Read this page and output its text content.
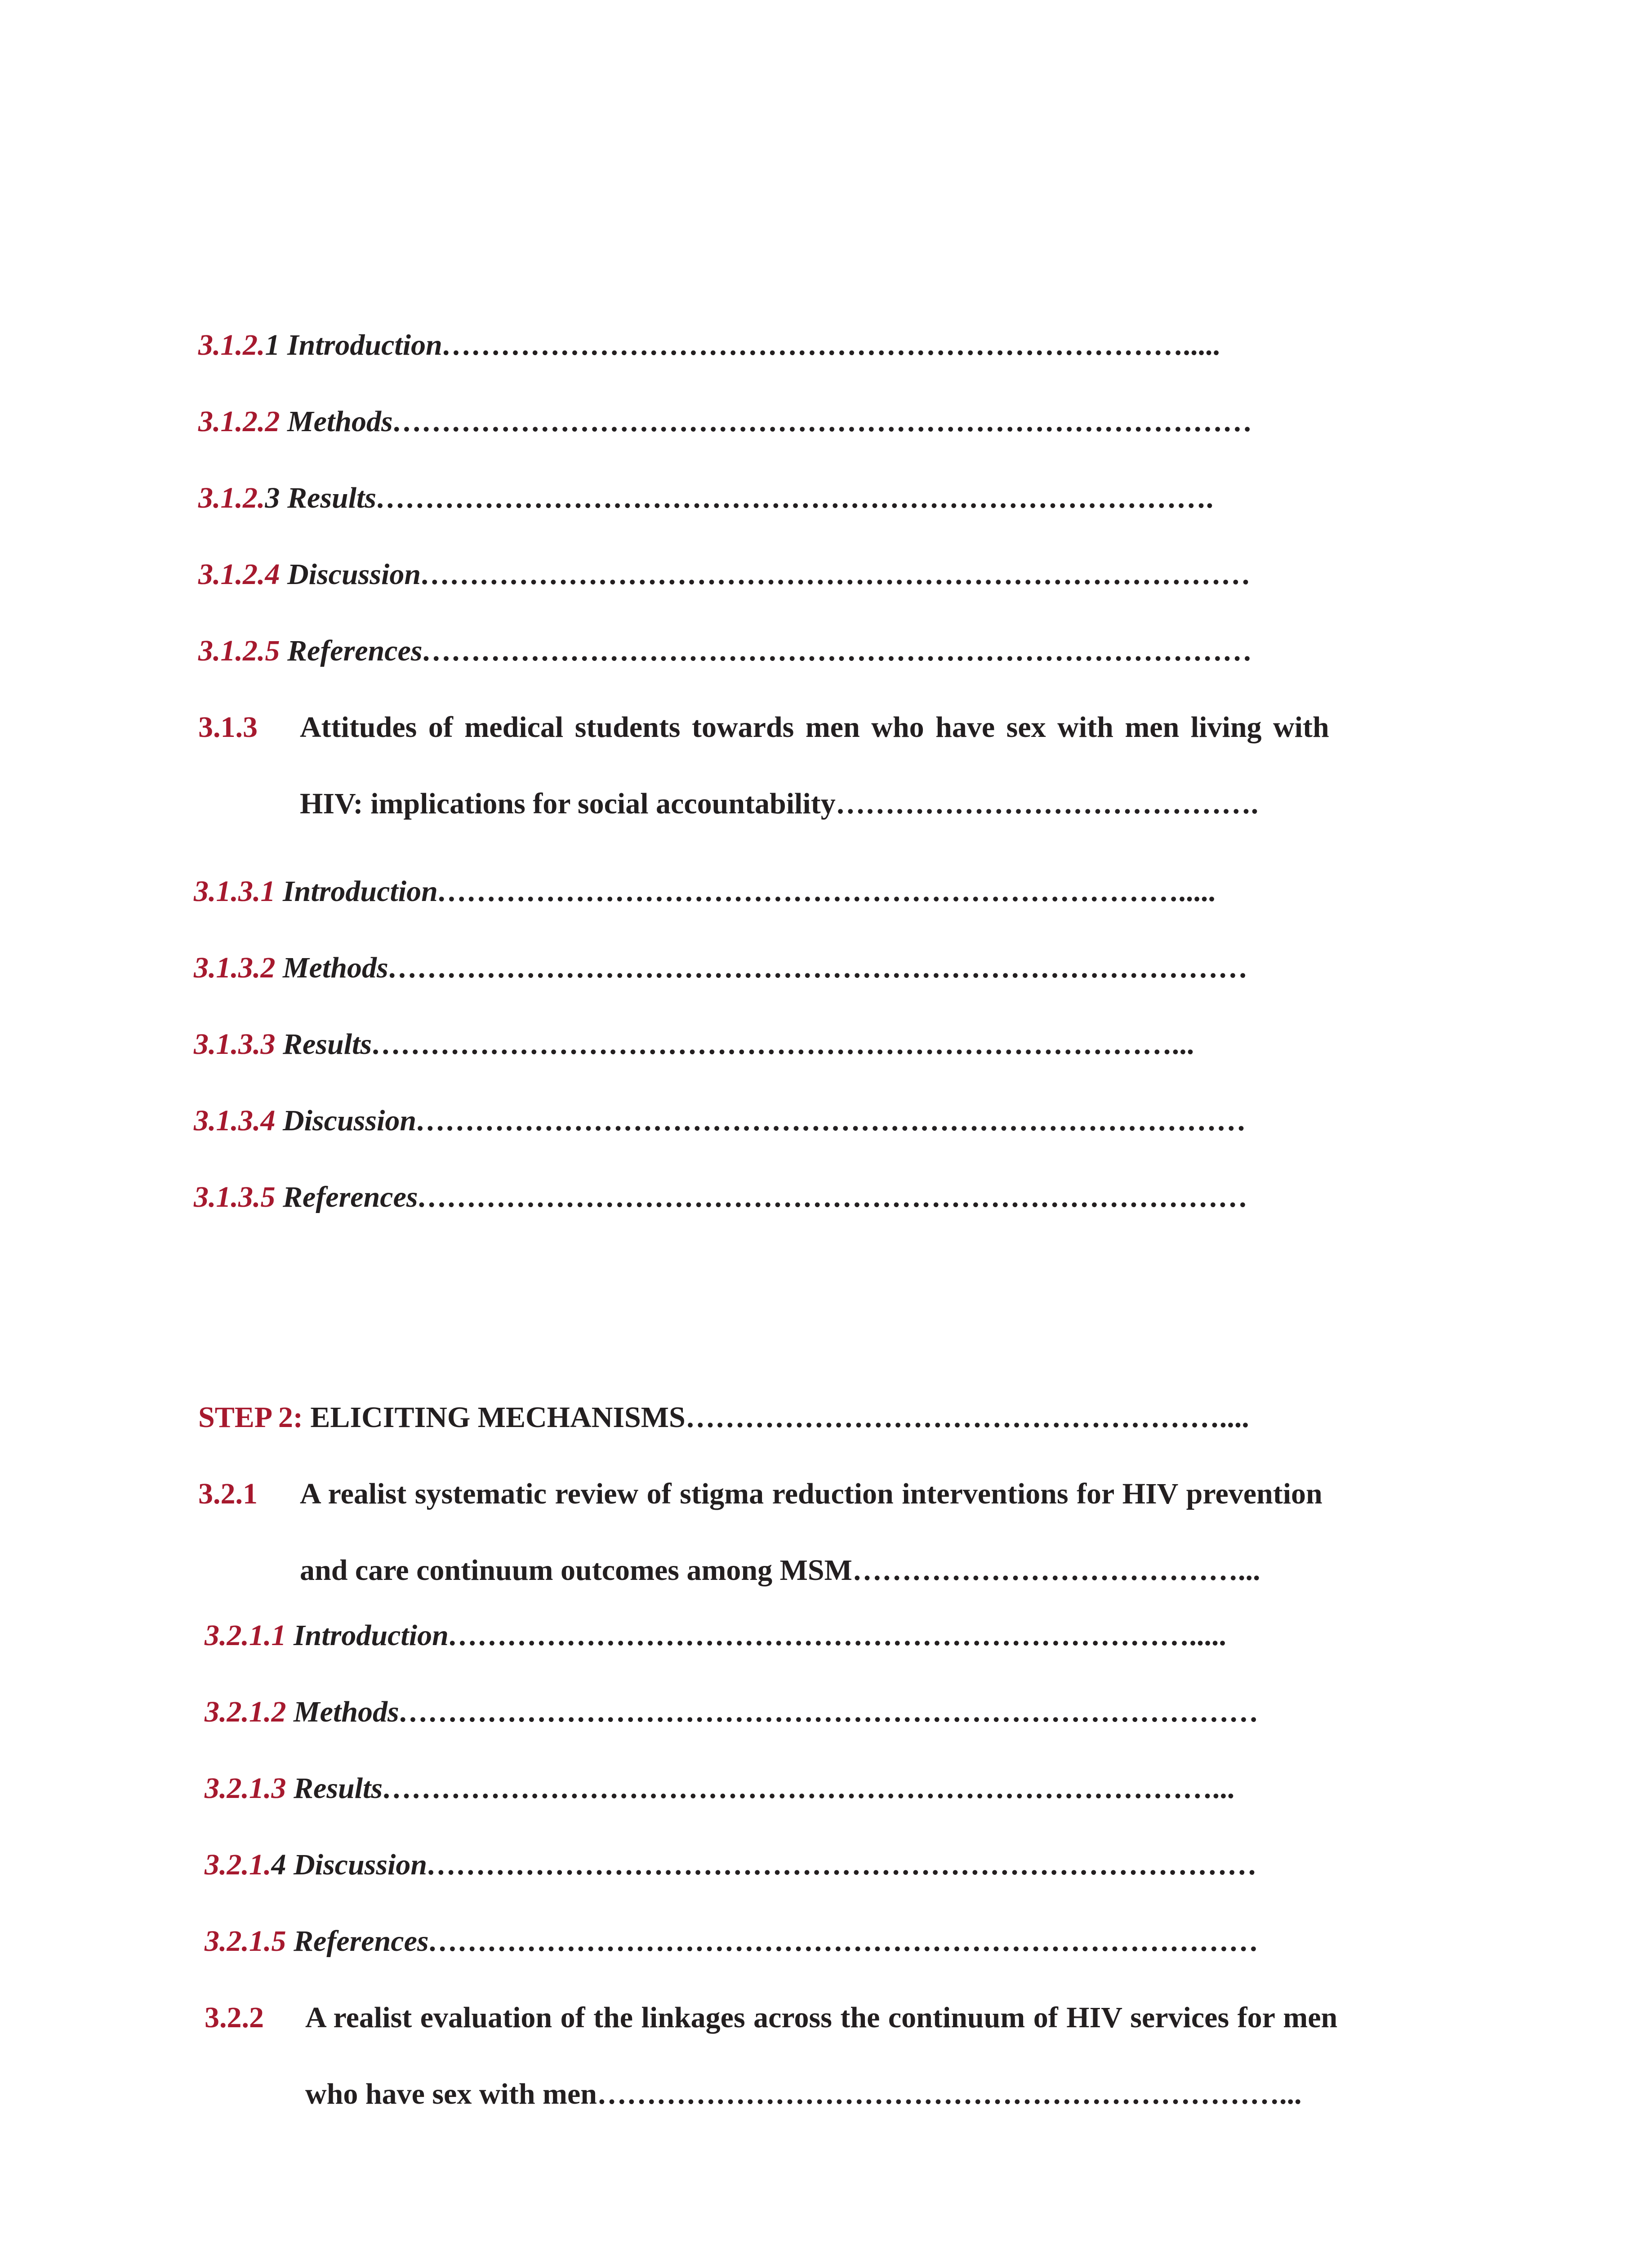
3.1.2.1 Introduction………………………………………………………………….....
3.1.2.2 Methods……………………………………………………………………………
3.1.2.3 Results………………………………………………………………………….
3.1.2.4 Discussion…………………………………………………………………………
3.1.2.5 References…………………………………………………………………………
3.1.3 Attitudes of medical students towards men who have sex with men living with
HIV: implications for social accountability…………………………………….
3.1.3.1 Introduction………………………………………………………………….....
3.1.3.2 Methods……………………………………………………………………………
3.1.3.3 Results………………………………………………………………………...
3.1.3.4 Discussion…………………………………………………………………………
3.1.3.5 References…………………………………………………………………………
STEP 2: ELICITING MECHANISMS………………………………………………....
3.2.1 A realist systematic review of stigma reduction interventions for HIV prevention
and care continuum outcomes among MSM…………………………………...
3.2.1.1 Introduction………………………………………………………………….....
3.2.1.2 Methods……………………………………………………………………………
3.2.1.3 Results…………………………………………………………………………...
3.2.1.4 Discussion…………………………………………………………………………
3.2.1.5 References…………………………………………………………………………
3.2.2 A realist evaluation of the linkages across the continuum of HIV services for men
who have sex with men……………………………………………………………...
